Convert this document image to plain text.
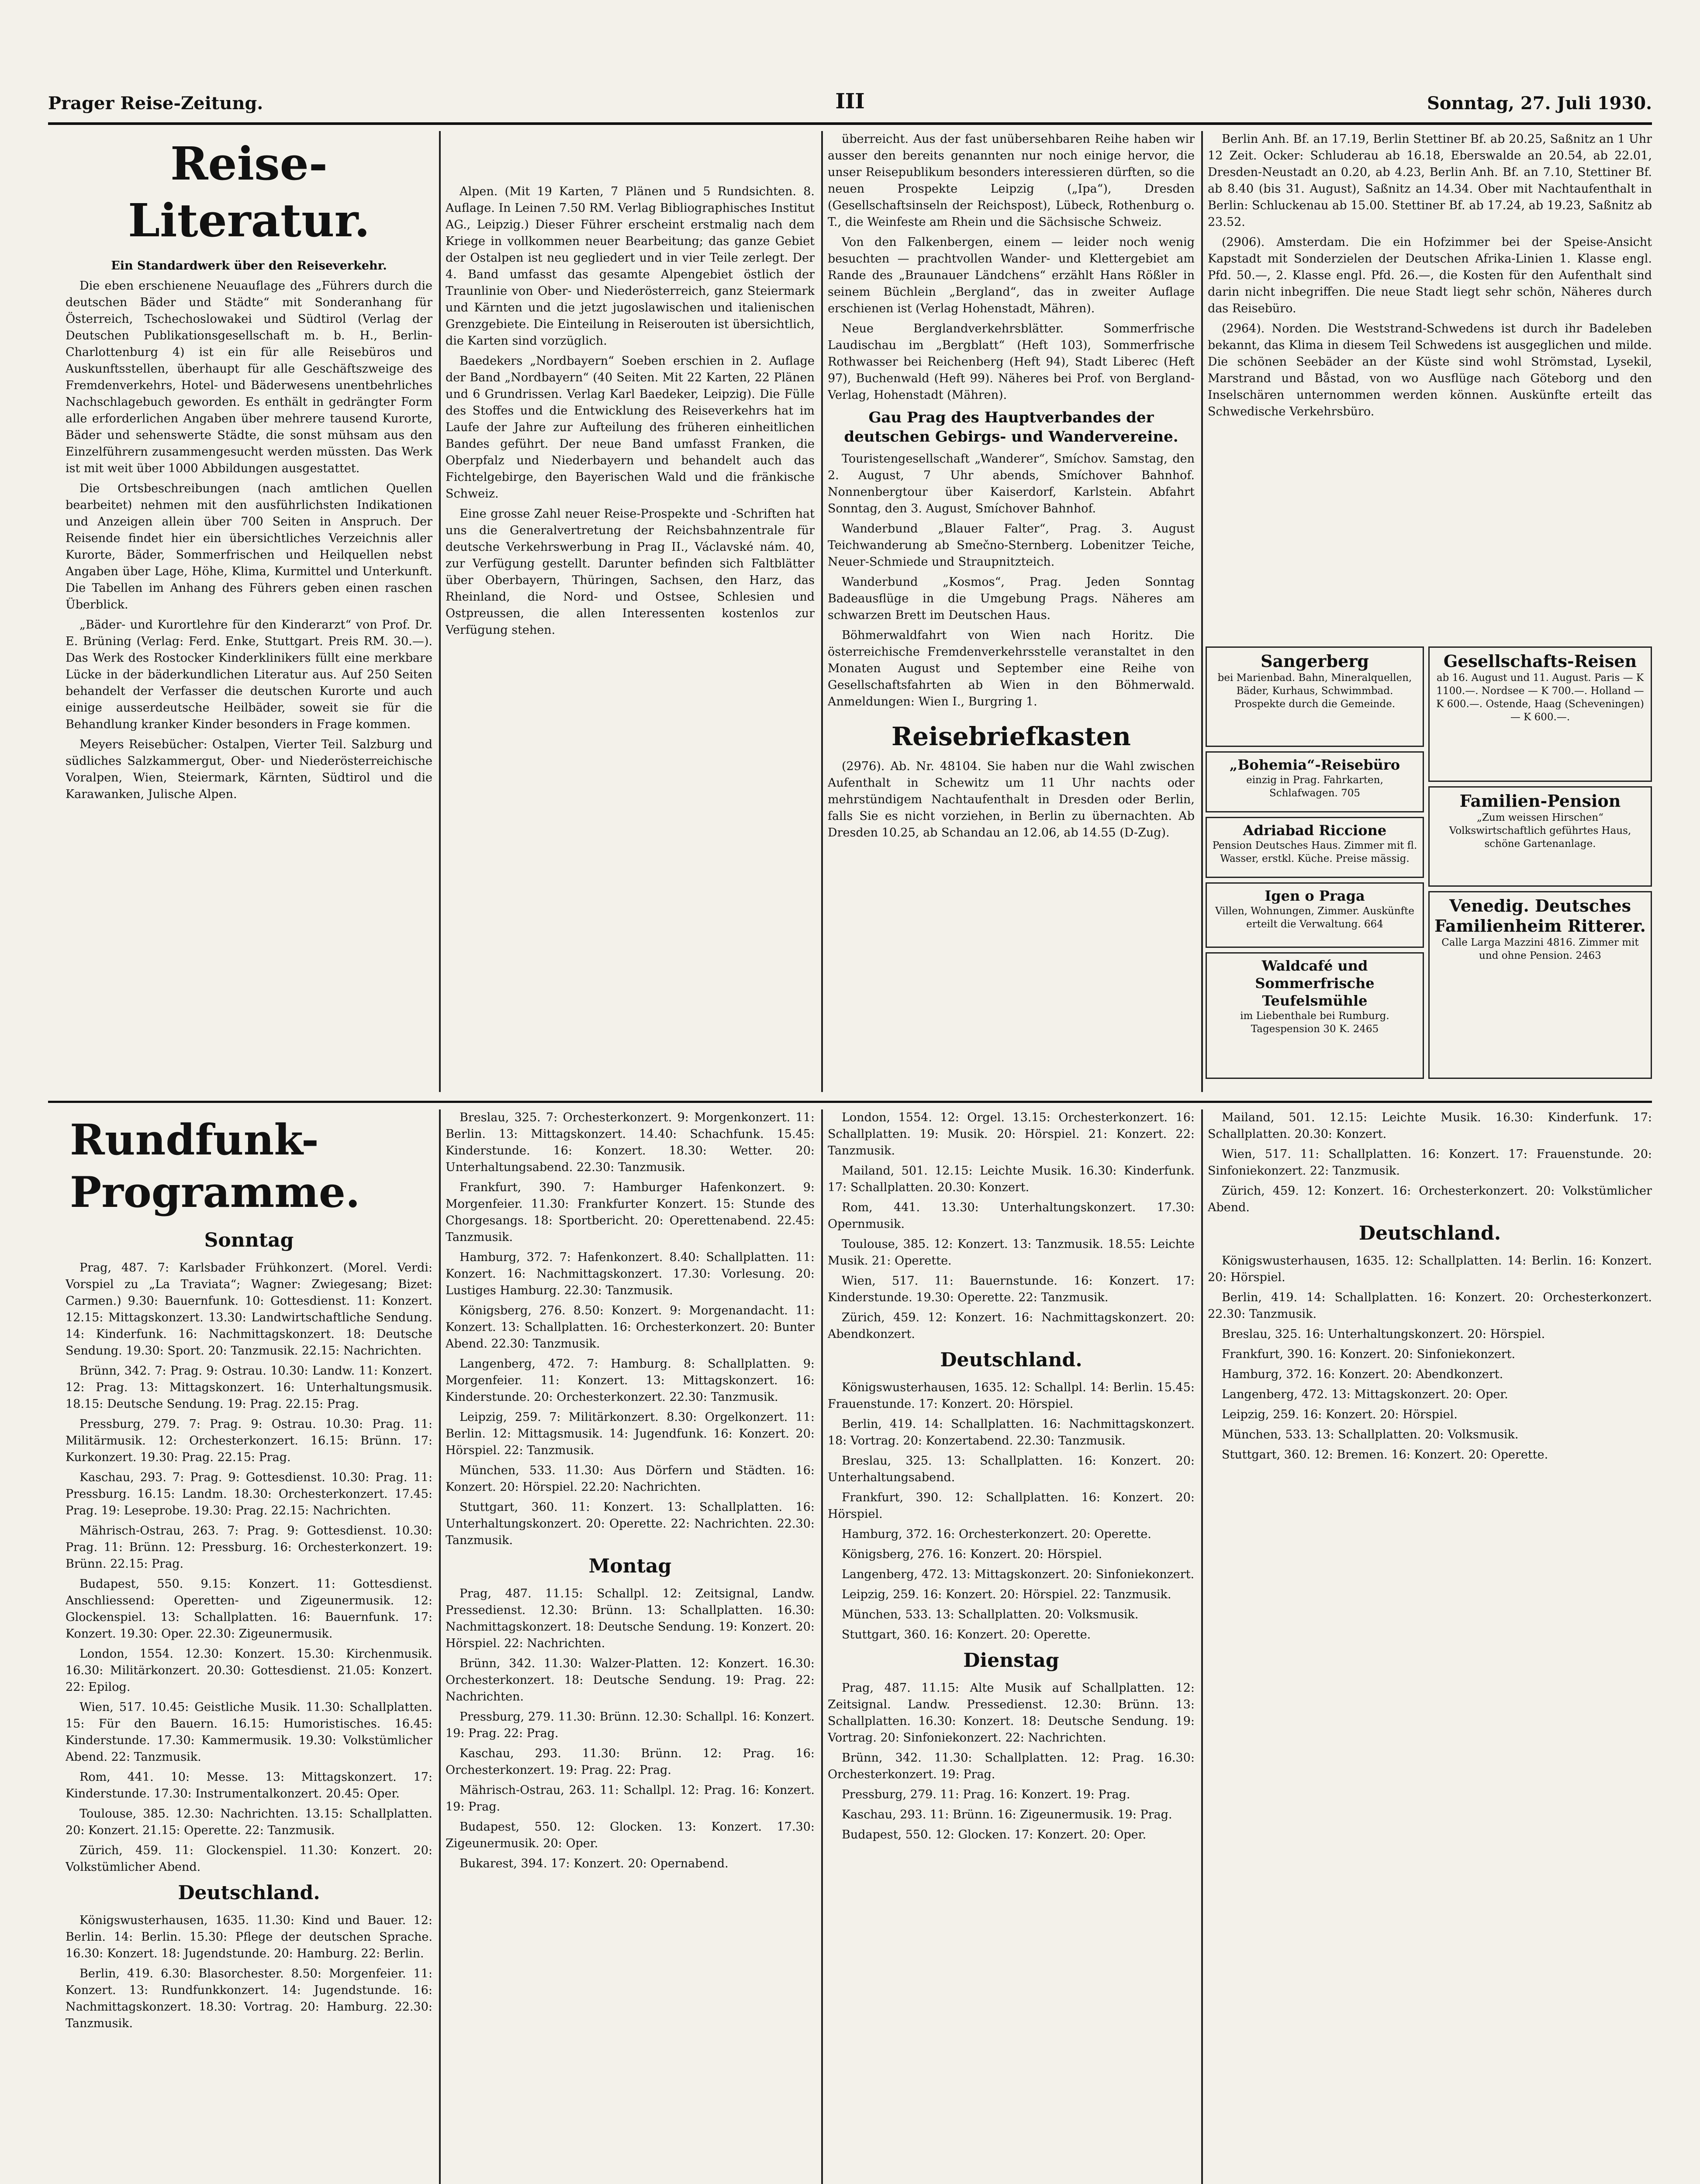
Prager Reise-Zeitung.	III	Sonntag, 27. Juli 1930.
Reise-Literatur.

Ein Standardwerk über den Reiseverkehr.

Die eben erschienene Neuauflage des „Führers durch die deutschen Bäder und Städte“ mit Sonderanhang für Österreich, Tschechoslowakei und Südtirol (Verlag der Deutschen Publikationsgesellschaft m. b. H., Berlin-Charlottenburg 4) ist ein für alle Reisebüros und Auskunftsstellen, überhaupt für alle Geschäftszweige des Fremdenverkehrs, Hotel- und Bäderwesens unentbehrliches Nachschlagebuch geworden. Es enthält in gedrängter Form alle erforderlichen Angaben über mehrere tausend Kurorte, Bäder und sehenswerte Städte, die sonst mühsam aus den Einzelführern zusammengesucht werden müssten. Das Werk ist mit weit über 1000 Abbildungen ausgestattet.

Die Ortsbeschreibungen (nach amtlichen Quellen bearbeitet) nehmen mit den ausführlichsten Indikationen und Anzeigen allein über 700 Seiten in Anspruch. Der Reisende findet hier ein übersichtliches Verzeichnis aller Kurorte, Bäder, Sommerfrischen und Heilquellen nebst Angaben über Lage, Höhe, Klima, Kurmittel und Unterkunft. Die Tabellen im Anhang des Führers geben einen raschen Überblick.

„Bäder- und Kurortlehre für den Kinderarzt“ von Prof. Dr. E. Brüning (Verlag: Ferd. Enke, Stuttgart. Preis RM. 30.—). Das Werk des Rostocker Kinderklinikers füllt eine merkbare Lücke in der bäderkundlichen Literatur aus. Auf 250 Seiten behandelt der Verfasser die deutschen Kurorte und auch einige ausserdeutsche Heilbäder, soweit sie für die Behandlung kranker Kinder besonders in Frage kommen.

Meyers Reisebücher: Ostalpen, Vierter Teil. Salzburg und südliches Salzkammergut, Ober- und Niederösterreichische Voralpen, Wien, Steiermark, Kärnten, Südtirol und die Karawanken, Julische Alpen.

Alpen. (Mit 19 Karten, 7 Plänen und 5 Rundsichten. 8. Auflage. In Leinen 7.50 RM. Verlag Bibliographisches Institut AG., Leipzig.) Dieser Führer erscheint erstmalig nach dem Kriege in vollkommen neuer Bearbeitung; das ganze Gebiet der Ostalpen ist neu gegliedert und in vier Teile zerlegt. Der 4. Band umfasst das gesamte Alpengebiet östlich der Traunlinie von Ober- und Niederösterreich, ganz Steiermark und Kärnten und die jetzt jugoslawischen und italienischen Grenzgebiete. Die Einteilung in Reiserouten ist übersichtlich, die Karten sind vorzüglich.

Baedekers „Nordbayern“ Soeben erschien in 2. Auflage der Band „Nordbayern“ (40 Seiten. Mit 22 Karten, 22 Plänen und 6 Grundrissen. Verlag Karl Baedeker, Leipzig). Die Fülle des Stoffes und die Entwicklung des Reiseverkehrs hat im Laufe der Jahre zur Aufteilung des früheren einheitlichen Bandes geführt. Der neue Band umfasst Franken, die Oberpfalz und Niederbayern und behandelt auch das Fichtelgebirge, den Bayerischen Wald und die fränkische Schweiz.

Eine grosse Zahl neuer Reise-Prospekte und -Schriften hat uns die Generalvertretung der Reichsbahnzentrale für deutsche Verkehrswerbung in Prag II., Václavské nám. 40, zur Verfügung gestellt. Darunter befinden sich Faltblätter über Oberbayern, Thüringen, Sachsen, den Harz, das Rheinland, die Nord- und Ostsee, Schlesien und Ostpreussen, die allen Interessenten kostenlos zur Verfügung stehen.

überreicht. Aus der fast unübersehbaren Reihe haben wir ausser den bereits genannten nur noch einige hervor, die unser Reisepublikum besonders interessieren dürften, so die neuen Prospekte Leipzig („Ipa“), Dresden (Gesellschaftsinseln der Reichspost), Lübeck, Rothenburg o. T., die Weinfeste am Rhein und die Sächsische Schweiz.

Von den Falkenbergen, einem — leider noch wenig besuchten — prachtvollen Wander- und Klettergebiet am Rande des „Braunauer Ländchens“ erzählt Hans Rößler in seinem Büchlein „Bergland“, das in zweiter Auflage erschienen ist (Verlag Hohenstadt, Mähren).

Neue Berglandverkehrsblätter. Sommerfrische Laudischau im „Bergblatt“ (Heft 103), Sommerfrische Rothwasser bei Reichenberg (Heft 94), Stadt Liberec (Heft 97), Buchenwald (Heft 99). Näheres bei Prof. von Bergland-Verlag, Hohenstadt (Mähren).

Gau Prag des Hauptverbandes der deutschen Gebirgs- und Wandervereine.

Touristengesellschaft „Wanderer“, Smíchov. Samstag, den 2. August, 7 Uhr abends, Smíchover Bahnhof. Nonnenbergtour über Kaiserdorf, Karlstein. Abfahrt Sonntag, den 3. August, Smíchover Bahnhof.

Wanderbund „Blauer Falter“, Prag. 3. August Teichwanderung ab Smečno-Sternberg. Lobenitzer Teiche, Neuer-Schmiede und Straupnitzteich.

Wanderbund „Kosmos“, Prag. Jeden Sonntag Badeausflüge in die Umgebung Prags. Näheres am schwarzen Brett im Deutschen Haus.

Böhmerwaldfahrt von Wien nach Horitz. Die österreichische Fremdenverkehrsstelle veranstaltet in den Monaten August und September eine Reihe von Gesellschaftsfahrten ab Wien in den Böhmerwald. Anmeldungen: Wien I., Burgring 1.

Reisebriefkasten

(2976). Ab. Nr. 48104. Sie haben nur die Wahl zwischen Aufenthalt in Schewitz um 11 Uhr nachts oder mehrstündigem Nachtaufenthalt in Dresden oder Berlin, falls Sie es nicht vorziehen, in Berlin zu übernachten. Ab Dresden 10.25, ab Schandau an 12.06, ab 14.55 (D-Zug).

Berlin Anh. Bf. an 17.19, Berlin Stettiner Bf. ab 20.25, Saßnitz an 1 Uhr 12 Zeit. Ocker: Schluderau ab 16.18, Eberswalde an 20.54, ab 22.01, Dresden-Neustadt an 0.20, ab 4.23, Berlin Anh. Bf. an 7.10, Stettiner Bf. ab 8.40 (bis 31. August), Saßnitz an 14.34. Ober mit Nachtaufenthalt in Berlin: Schluckenau ab 15.00. Stettiner Bf. ab 17.24, ab 19.23, Saßnitz ab 23.52.

(2906). Amsterdam. Die ein Hofzimmer bei der Speise-Ansicht Kapstadt mit Sonderzielen der Deutschen Afrika-Linien 1. Klasse engl. Pfd. 50.—, 2. Klasse engl. Pfd. 26.—, die Kosten für den Aufenthalt sind darin nicht inbegriffen. Die neue Stadt liegt sehr schön, Näheres durch das Reisebüro.

(2964). Norden. Die Weststrand-Schwedens ist durch ihr Badeleben bekannt, das Klima in diesem Teil Schwedens ist ausgeglichen und milde. Die schönen Seebäder an der Küste sind wohl Strömstad, Lysekil, Marstrand und Båstad, von wo Ausflüge nach Göteborg und den Inselschären unternommen werden können. Auskünfte erteilt das Schwedische Verkehrsbüro.

Sangerberg
bei Marienbad. Bahn, Mineralquellen, Bäder, Kurhaus, Schwimmbad. Prospekte durch die Gemeinde.
Gesellschafts-Reisen
ab 16. August und 11. August. Paris — K 1100.—. Nordsee — K 700.—. Holland — K 600.—. Ostende, Haag (Scheveningen) — K 600.—.
„Bohemia“-Reisebüro
einzig in Prag. Fahrkarten, Schlafwagen. 705
Adriabad Riccione
Pension Deutsches Haus. Zimmer mit fl. Wasser, erstkl. Küche. Preise mässig.
Igen o Praga
Villen, Wohnungen, Zimmer. Auskünfte erteilt die Verwaltung. 664
Familien-Pension
„Zum weissen Hirschen“ Volkswirtschaftlich geführtes Haus, schöne Gartenanlage.
Waldcafé und Sommerfrische Teufelsmühle
im Liebenthale bei Rumburg. Tagespension 30 K. 2465
Venedig. Deutsches Familienheim Ritterer.
Calle Larga Mazzini 4816. Zimmer mit und ohne Pension. 2463
Rundfunk-Programme.
Sonntag

Prag, 487. 7: Karlsbader Frühkonzert. (Morel. Verdi: Vorspiel zu „La Traviata“; Wagner: Zwiegesang; Bizet: Carmen.) 9.30: Bauernfunk. 10: Gottesdienst. 11: Konzert. 12.15: Mittagskonzert. 13.30: Landwirtschaftliche Sendung. 14: Kinderfunk. 16: Nachmittagskonzert. 18: Deutsche Sendung. 19.30: Sport. 20: Tanzmusik. 22.15: Nachrichten.

Brünn, 342. 7: Prag. 9: Ostrau. 10.30: Landw. 11: Konzert. 12: Prag. 13: Mittagskonzert. 16: Unterhaltungsmusik. 18.15: Deutsche Sendung. 19: Prag. 22.15: Prag.

Pressburg, 279. 7: Prag. 9: Ostrau. 10.30: Prag. 11: Militärmusik. 12: Orchesterkonzert. 16.15: Brünn. 17: Kurkonzert. 19.30: Prag. 22.15: Prag.

Kaschau, 293. 7: Prag. 9: Gottesdienst. 10.30: Prag. 11: Pressburg. 16.15: Landm. 18.30: Orchesterkonzert. 17.45: Prag. 19: Leseprobe. 19.30: Prag. 22.15: Nachrichten.

Mährisch-Ostrau, 263. 7: Prag. 9: Gottesdienst. 10.30: Prag. 11: Brünn. 12: Pressburg. 16: Orchesterkonzert. 19: Brünn. 22.15: Prag.

Budapest, 550. 9.15: Konzert. 11: Gottesdienst. Anschliessend: Operetten- und Zigeunermusik. 12: Glockenspiel. 13: Schallplatten. 16: Bauernfunk. 17: Konzert. 19.30: Oper. 22.30: Zigeunermusik.

London, 1554. 12.30: Konzert. 15.30: Kirchenmusik. 16.30: Militärkonzert. 20.30: Gottesdienst. 21.05: Konzert. 22: Epilog.

Wien, 517. 10.45: Geistliche Musik. 11.30: Schallplatten. 15: Für den Bauern. 16.15: Humoristisches. 16.45: Kinderstunde. 17.30: Kammermusik. 19.30: Volkstümlicher Abend. 22: Tanzmusik.

Rom, 441. 10: Messe. 13: Mittagskonzert. 17: Kinderstunde. 17.30: Instrumentalkonzert. 20.45: Oper.

Toulouse, 385. 12.30: Nachrichten. 13.15: Schallplatten. 20: Konzert. 21.15: Operette. 22: Tanzmusik.

Zürich, 459. 11: Glockenspiel. 11.30: Konzert. 20: Volkstümlicher Abend.

Deutschland.

Königswusterhausen, 1635. 11.30: Kind und Bauer. 12: Berlin. 14: Berlin. 15.30: Pflege der deutschen Sprache. 16.30: Konzert. 18: Jugendstunde. 20: Hamburg. 22: Berlin.

Berlin, 419. 6.30: Blasorchester. 8.50: Morgenfeier. 11: Konzert. 13: Rundfunkkonzert. 14: Jugendstunde. 16: Nachmittagskonzert. 18.30: Vortrag. 20: Hamburg. 22.30: Tanzmusik.

Breslau, 325. 7: Orchesterkonzert. 9: Morgenkonzert. 11: Berlin. 13: Mittagskonzert. 14.40: Schachfunk. 15.45: Kinderstunde. 16: Konzert. 18.30: Wetter. 20: Unterhaltungsabend. 22.30: Tanzmusik.

Frankfurt, 390. 7: Hamburger Hafenkonzert. 9: Morgenfeier. 11.30: Frankfurter Konzert. 15: Stunde des Chorgesangs. 18: Sportbericht. 20: Operettenabend. 22.45: Tanzmusik.

Hamburg, 372. 7: Hafenkonzert. 8.40: Schallplatten. 11: Konzert. 16: Nachmittagskonzert. 17.30: Vorlesung. 20: Lustiges Hamburg. 22.30: Tanzmusik.

Königsberg, 276. 8.50: Konzert. 9: Morgenandacht. 11: Konzert. 13: Schallplatten. 16: Orchesterkonzert. 20: Bunter Abend. 22.30: Tanzmusik.

Langenberg, 472. 7: Hamburg. 8: Schallplatten. 9: Morgenfeier. 11: Konzert. 13: Mittagskonzert. 16: Kinderstunde. 20: Orchesterkonzert. 22.30: Tanzmusik.

Leipzig, 259. 7: Militärkonzert. 8.30: Orgelkonzert. 11: Berlin. 12: Mittagsmusik. 14: Jugendfunk. 16: Konzert. 20: Hörspiel. 22: Tanzmusik.

München, 533. 11.30: Aus Dörfern und Städten. 16: Konzert. 20: Hörspiel. 22.20: Nachrichten.

Stuttgart, 360. 11: Konzert. 13: Schallplatten. 16: Unterhaltungskonzert. 20: Operette. 22: Nachrichten. 22.30: Tanzmusik.

Montag

Prag, 487. 11.15: Schallpl. 12: Zeitsignal, Landw. Pressedienst. 12.30: Brünn. 13: Schallplatten. 16.30: Nachmittagskonzert. 18: Deutsche Sendung. 19: Konzert. 20: Hörspiel. 22: Nachrichten.

Brünn, 342. 11.30: Walzer-Platten. 12: Konzert. 16.30: Orchesterkonzert. 18: Deutsche Sendung. 19: Prag. 22: Nachrichten.

Pressburg, 279. 11.30: Brünn. 12.30: Schallpl. 16: Konzert. 19: Prag. 22: Prag.

Kaschau, 293. 11.30: Brünn. 12: Prag. 16: Orchesterkonzert. 19: Prag. 22: Prag.

Mährisch-Ostrau, 263. 11: Schallpl. 12: Prag. 16: Konzert. 19: Prag.

Budapest, 550. 12: Glocken. 13: Konzert. 17.30: Zigeunermusik. 20: Oper.

Bukarest, 394. 17: Konzert. 20: Opernabend.

London, 1554. 12: Orgel. 13.15: Orchesterkonzert. 16: Schallplatten. 19: Musik. 20: Hörspiel. 21: Konzert. 22: Tanzmusik.

Mailand, 501. 12.15: Leichte Musik. 16.30: Kinderfunk. 17: Schallplatten. 20.30: Konzert.

Rom, 441. 13.30: Unterhaltungskonzert. 17.30: Opernmusik.

Toulouse, 385. 12: Konzert. 13: Tanzmusik. 18.55: Leichte Musik. 21: Operette.

Wien, 517. 11: Bauernstunde. 16: Konzert. 17: Kinderstunde. 19.30: Operette. 22: Tanzmusik.

Zürich, 459. 12: Konzert. 16: Nachmittagskonzert. 20: Abendkonzert.

Deutschland.

Königswusterhausen, 1635. 12: Schallpl. 14: Berlin. 15.45: Frauenstunde. 17: Konzert. 20: Hörspiel.

Berlin, 419. 14: Schallplatten. 16: Nachmittagskonzert. 18: Vortrag. 20: Konzertabend. 22.30: Tanzmusik.

Breslau, 325. 13: Schallplatten. 16: Konzert. 20: Unterhaltungsabend.

Frankfurt, 390. 12: Schallplatten. 16: Konzert. 20: Hörspiel.

Hamburg, 372. 16: Orchesterkonzert. 20: Operette.

Königsberg, 276. 16: Konzert. 20: Hörspiel.

Langenberg, 472. 13: Mittagskonzert. 20: Sinfoniekonzert.

Leipzig, 259. 16: Konzert. 20: Hörspiel. 22: Tanzmusik.

München, 533. 13: Schallplatten. 20: Volksmusik.

Stuttgart, 360. 16: Konzert. 20: Operette.

Dienstag

Prag, 487. 11.15: Alte Musik auf Schallplatten. 12: Zeitsignal. Landw. Pressedienst. 12.30: Brünn. 13: Schallplatten. 16.30: Konzert. 18: Deutsche Sendung. 19: Vortrag. 20: Sinfoniekonzert. 22: Nachrichten.

Brünn, 342. 11.30: Schallplatten. 12: Prag. 16.30: Orchesterkonzert. 19: Prag.

Pressburg, 279. 11: Prag. 16: Konzert. 19: Prag.

Kaschau, 293. 11: Brünn. 16: Zigeunermusik. 19: Prag.

Budapest, 550. 12: Glocken. 17: Konzert. 20: Oper.

Mailand, 501. 12.15: Leichte Musik. 16.30: Kinderfunk. 17: Schallplatten. 20.30: Konzert.

Wien, 517. 11: Schallplatten. 16: Konzert. 17: Frauenstunde. 20: Sinfoniekonzert. 22: Tanzmusik.

Zürich, 459. 12: Konzert. 16: Orchesterkonzert. 20: Volkstümlicher Abend.

Deutschland.

Königswusterhausen, 1635. 12: Schallplatten. 14: Berlin. 16: Konzert. 20: Hörspiel.

Berlin, 419. 14: Schallplatten. 16: Konzert. 20: Orchesterkonzert. 22.30: Tanzmusik.

Breslau, 325. 16: Unterhaltungskonzert. 20: Hörspiel.

Frankfurt, 390. 16: Konzert. 20: Sinfoniekonzert.

Hamburg, 372. 16: Konzert. 20: Abendkonzert.

Langenberg, 472. 13: Mittagskonzert. 20: Oper.

Leipzig, 259. 16: Konzert. 20: Hörspiel.

München, 533. 13: Schallplatten. 20: Volksmusik.

Stuttgart, 360. 12: Bremen. 16: Konzert. 20: Operette.
